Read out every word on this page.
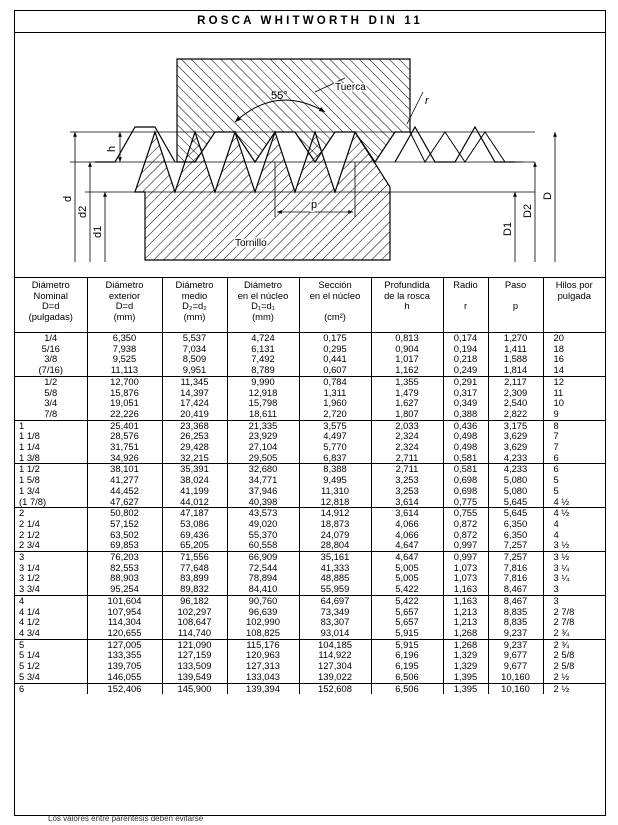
ROSCA WHITWORTH DIN 11
55°
Tuerca
Tornillo
r
p
h
d
d2
d1	D1
D2
D
Diámetro
Nominal
D=d
(pulgadas)	Diámetro
exterior
D=d
(mm)	Diámetro
medio
D₂=d₂
(mm)	Diámetro
en el núcleo
D₁=d₁
(mm)	Sección
en el núcleo

(cm²)	Profundida
de la rosca
h	Radio

r	Paso

p	Hilos por
pulgada
1/4	6,350	5,537	4,724	0,175	0,813	0,174	1,270	20
5/16	7,938	7,034	6,131	0,295	0,904	0,194	1,411	18
3/8	9,525	8,509	7,492	0,441	1,017	0,218	1,588	16
(7/16)	11,113	9,951	8,789	0,607	1,162	0,249	1,814	14
1/2	12,700	11,345	9,990	0,784	1,355	0,291	2,117	12
5/8	15,876	14,397	12,918	1,311	1,479	0,317	2,309	11
3/4	19,051	17,424	15,798	1,960	1,627	0,349	2,540	10
7/8	22,226	20,419	18,611	2,720	1,807	0,388	2,822	9
1	25,401	23,368	21,335	3,575	2,033	0,436	3,175	8
1 1/8	28,576	26,253	23,929	4,497	2,324	0,498	3,629	7
1 1/4	31,751	29,428	27,104	5,770	2,324	0,498	3,629	7
1 3/8	34,926	32,215	29,505	6,837	2,711	0,581	4,233	6
1 1/2	38,101	35,391	32,680	8,388	2,711	0,581	4,233	6
1 5/8	41,277	38,024	34,771	9,495	3,253	0,698	5,080	5
1 3/4	44,452	41,199	37,946	11,310	3,253	0,698	5,080	5
(1 7/8)	47,627	44,012	40,398	12,818	3,614	0,775	5,645	4 ½
2	50,802	47,187	43,573	14,912	3,614	0,755	5,645	4 ½
2 1/4	57,152	53,086	49,020	18,873	4,066	0,872	6,350	4
2 1/2	63,502	69,436	55,370	24,079	4,066	0,872	6,350	4
2 3/4	69,853	65,205	60,558	28,804	4,647	0,997	7,257	3 ½
3	76,203	71,556	66,909	35,161	4,647	0,997	7,257	3 ½
3 1/4	82,553	77,648	72,544	41,333	5,005	1,073	7,816	3 ¼
3 1/2	88,903	83,899	78,894	48,885	5,005	1,073	7,816	3 ¼
3 3/4	95,254	89,832	84,410	55,959	5,422	1,163	8,467	3
4	101,604	96,182	90,760	64,697	5,422	1,163	8,467	3
4 1/4	107,954	102,297	96,639	73,349	5,657	1,213	8,835	2 7/8
4 1/2	114,304	108,647	102,990	83,307	5,657	1,213	8,835	2 7/8
4 3/4	120,655	114,740	108,825	93,014	5,915	1,268	9,237	2 ¾
5	127,005	121,090	115,176	104,185	5,915	1,268	9,237	2 ¾
5 1/4	133,355	127,159	120,963	114,922	6,196	1,329	9,677	2 5/8
5 1/2	139,705	133,509	127,313	127,304	6,195	1,329	9,677	2 5/8
5 3/4	146,055	139,549	133,043	139,022	6,506	1,395	10,160	2 ½
6	152,406	145,900	139,394	152,608	6,506	1,395	10,160	2 ½
Los valores entre paréntesis deben evitarse
